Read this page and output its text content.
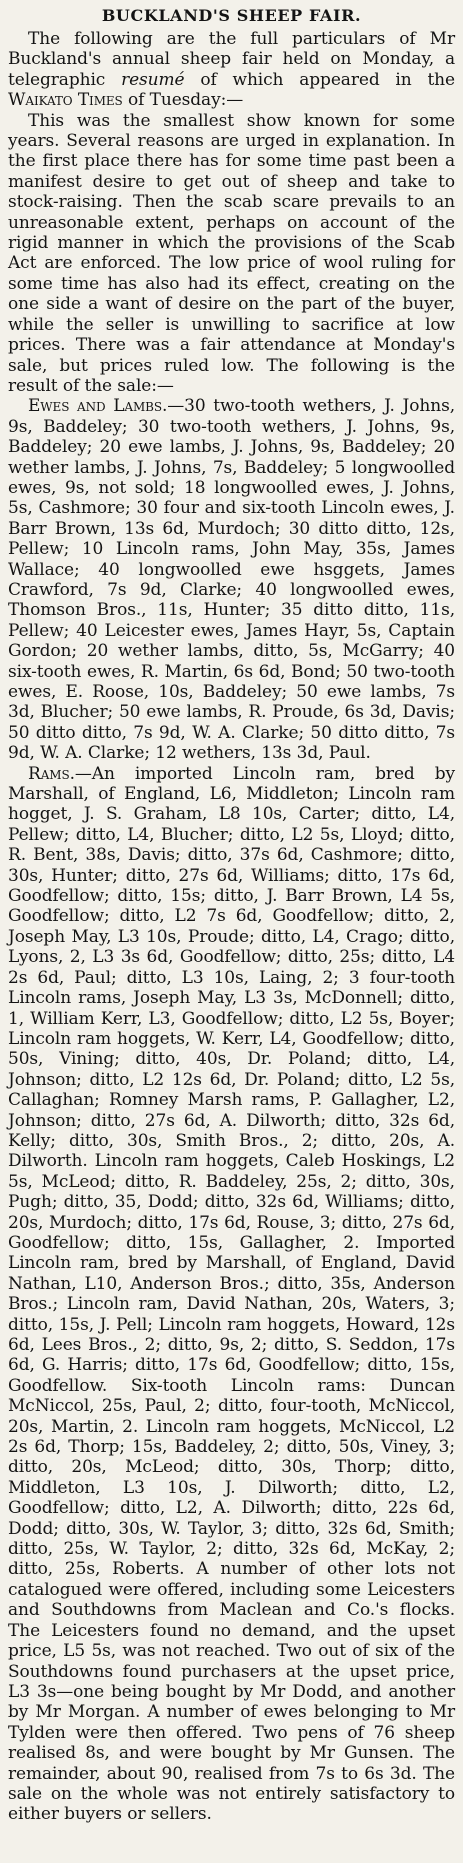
BUCKLAND'S SHEEP FAIR.

The following are the full particulars of Mr Buckland's annual sheep fair held on Monday, a telegraphic resumé of which appeared in the Waikato Times of Tuesday:—

This was the smallest show known for some years. Several reasons are urged in explanation. In the first place there has for some time past been a manifest desire to get out of sheep and take to stock-raising. Then the scab scare prevails to an unreasonable extent, perhaps on account of the rigid manner in which the provisions of the Scab Act are enforced. The low price of wool ruling for some time has also had its effect, creating on the one side a want of desire on the part of the buyer, while the seller is unwilling to sacrifice at low prices. There was a fair attendance at Monday's sale, but prices ruled low. The following is the result of the sale:—

Ewes and Lambs.—30 two-tooth wethers, J. Johns, 9s, Baddeley; 30 two-tooth wethers, J. Johns, 9s, Baddeley; 20 ewe lambs, J. Johns, 9s, Baddeley; 20 wether lambs, J. Johns, 7s, Baddeley; 5 longwoolled ewes, 9s, not sold; 18 longwoolled ewes, J. Johns, 5s, Cashmore; 30 four and six-tooth Lincoln ewes, J. Barr Brown, 13s 6d, Murdoch; 30 ditto ditto, 12s, Pellew; 10 Lincoln rams, John May, 35s, James Wallace; 40 longwoolled ewe hsggets, James Crawford, 7s 9d, Clarke; 40 longwoolled ewes, Thomson Bros., 11s, Hunter; 35 ditto ditto, 11s, Pellew; 40 Leicester ewes, James Hayr, 5s, Captain Gordon; 20 wether lambs, ditto, 5s, McGarry; 40 six-tooth ewes, R. Martin, 6s 6d, Bond; 50 two-tooth ewes, E. Roose, 10s, Baddeley; 50 ewe lambs, 7s 3d, Blucher; 50 ewe lambs, R. Proude, 6s 3d, Davis; 50 ditto ditto, 7s 9d, W. A. Clarke; 50 ditto ditto, 7s 9d, W. A. Clarke; 12 wethers, 13s 3d, Paul.

Rams.—An imported Lincoln ram, bred by Marshall, of England, L6, Middleton; Lincoln ram hogget, J. S. Graham, L8 10s, Carter; ditto, L4, Pellew; ditto, L4, Blucher; ditto, L2 5s, Lloyd; ditto, R. Bent, 38s, Davis; ditto, 37s 6d, Cashmore; ditto, 30s, Hunter; ditto, 27s 6d, Williams; ditto, 17s 6d, Goodfellow; ditto, 15s; ditto, J. Barr Brown, L4 5s, Goodfellow; ditto, L2 7s 6d, Goodfellow; ditto, 2, Joseph May, L3 10s, Proude; ditto, L4, Crago; ditto, Lyons, 2, L3 3s 6d, Goodfellow; ditto, 25s; ditto, L4 2s 6d, Paul; ditto, L3 10s, Laing, 2; 3 four-tooth Lincoln rams, Joseph May, L3 3s, McDonnell; ditto, 1, William Kerr, L3, Goodfellow; ditto, L2 5s, Boyer; Lincoln ram hoggets, W. Kerr, L4, Goodfellow; ditto, 50s, Vining; ditto, 40s, Dr. Poland; ditto, L4, Johnson; ditto, L2 12s 6d, Dr. Poland; ditto, L2 5s, Callaghan; Romney Marsh rams, P. Gallagher, L2, Johnson; ditto, 27s 6d, A. Dilworth; ditto, 32s 6d, Kelly; ditto, 30s, Smith Bros., 2; ditto, 20s, A. Dilworth. Lincoln ram hoggets, Caleb Hoskings, L2 5s, McLeod; ditto, R. Baddeley, 25s, 2; ditto, 30s, Pugh; ditto, 35, Dodd; ditto, 32s 6d, Williams; ditto, 20s, Murdoch; ditto, 17s 6d, Rouse, 3; ditto, 27s 6d, Goodfellow; ditto, 15s, Gallagher, 2. Imported Lincoln ram, bred by Marshall, of England, David Nathan, L10, Anderson Bros.; ditto, 35s, Anderson Bros.; Lincoln ram, David Nathan, 20s, Waters, 3; ditto, 15s, J. Pell; Lincoln ram hoggets, Howard, 12s 6d, Lees Bros., 2; ditto, 9s, 2; ditto, S. Seddon, 17s 6d, G. Harris; ditto, 17s 6d, Goodfellow; ditto, 15s, Goodfellow. Six-tooth Lincoln rams: Duncan McNiccol, 25s, Paul, 2; ditto, four-tooth, McNiccol, 20s, Martin, 2. Lincoln ram hoggets, McNiccol, L2 2s 6d, Thorp; 15s, Baddeley, 2; ditto, 50s, Viney, 3; ditto, 20s, McLeod; ditto, 30s, Thorp; ditto, Middleton, L3 10s, J. Dilworth; ditto, L2, Goodfellow; ditto, L2, A. Dilworth; ditto, 22s 6d, Dodd; ditto, 30s, W. Taylor, 3; ditto, 32s 6d, Smith; ditto, 25s, W. Taylor, 2; ditto, 32s 6d, McKay, 2; ditto, 25s, Roberts. A number of other lots not catalogued were offered, including some Leicesters and Southdowns from Maclean and Co.'s flocks. The Leicesters found no demand, and the upset price, L5 5s, was not reached. Two out of six of the Southdowns found purchasers at the upset price, L3 3s—one being bought by Mr Dodd, and another by Mr Morgan. A number of ewes belonging to Mr Tylden were then offered. Two pens of 76 sheep realised 8s, and were bought by Mr Gunsen. The remainder, about 90, realised from 7s to 6s 3d. The sale on the whole was not entirely satisfactory to either buyers or sellers.
